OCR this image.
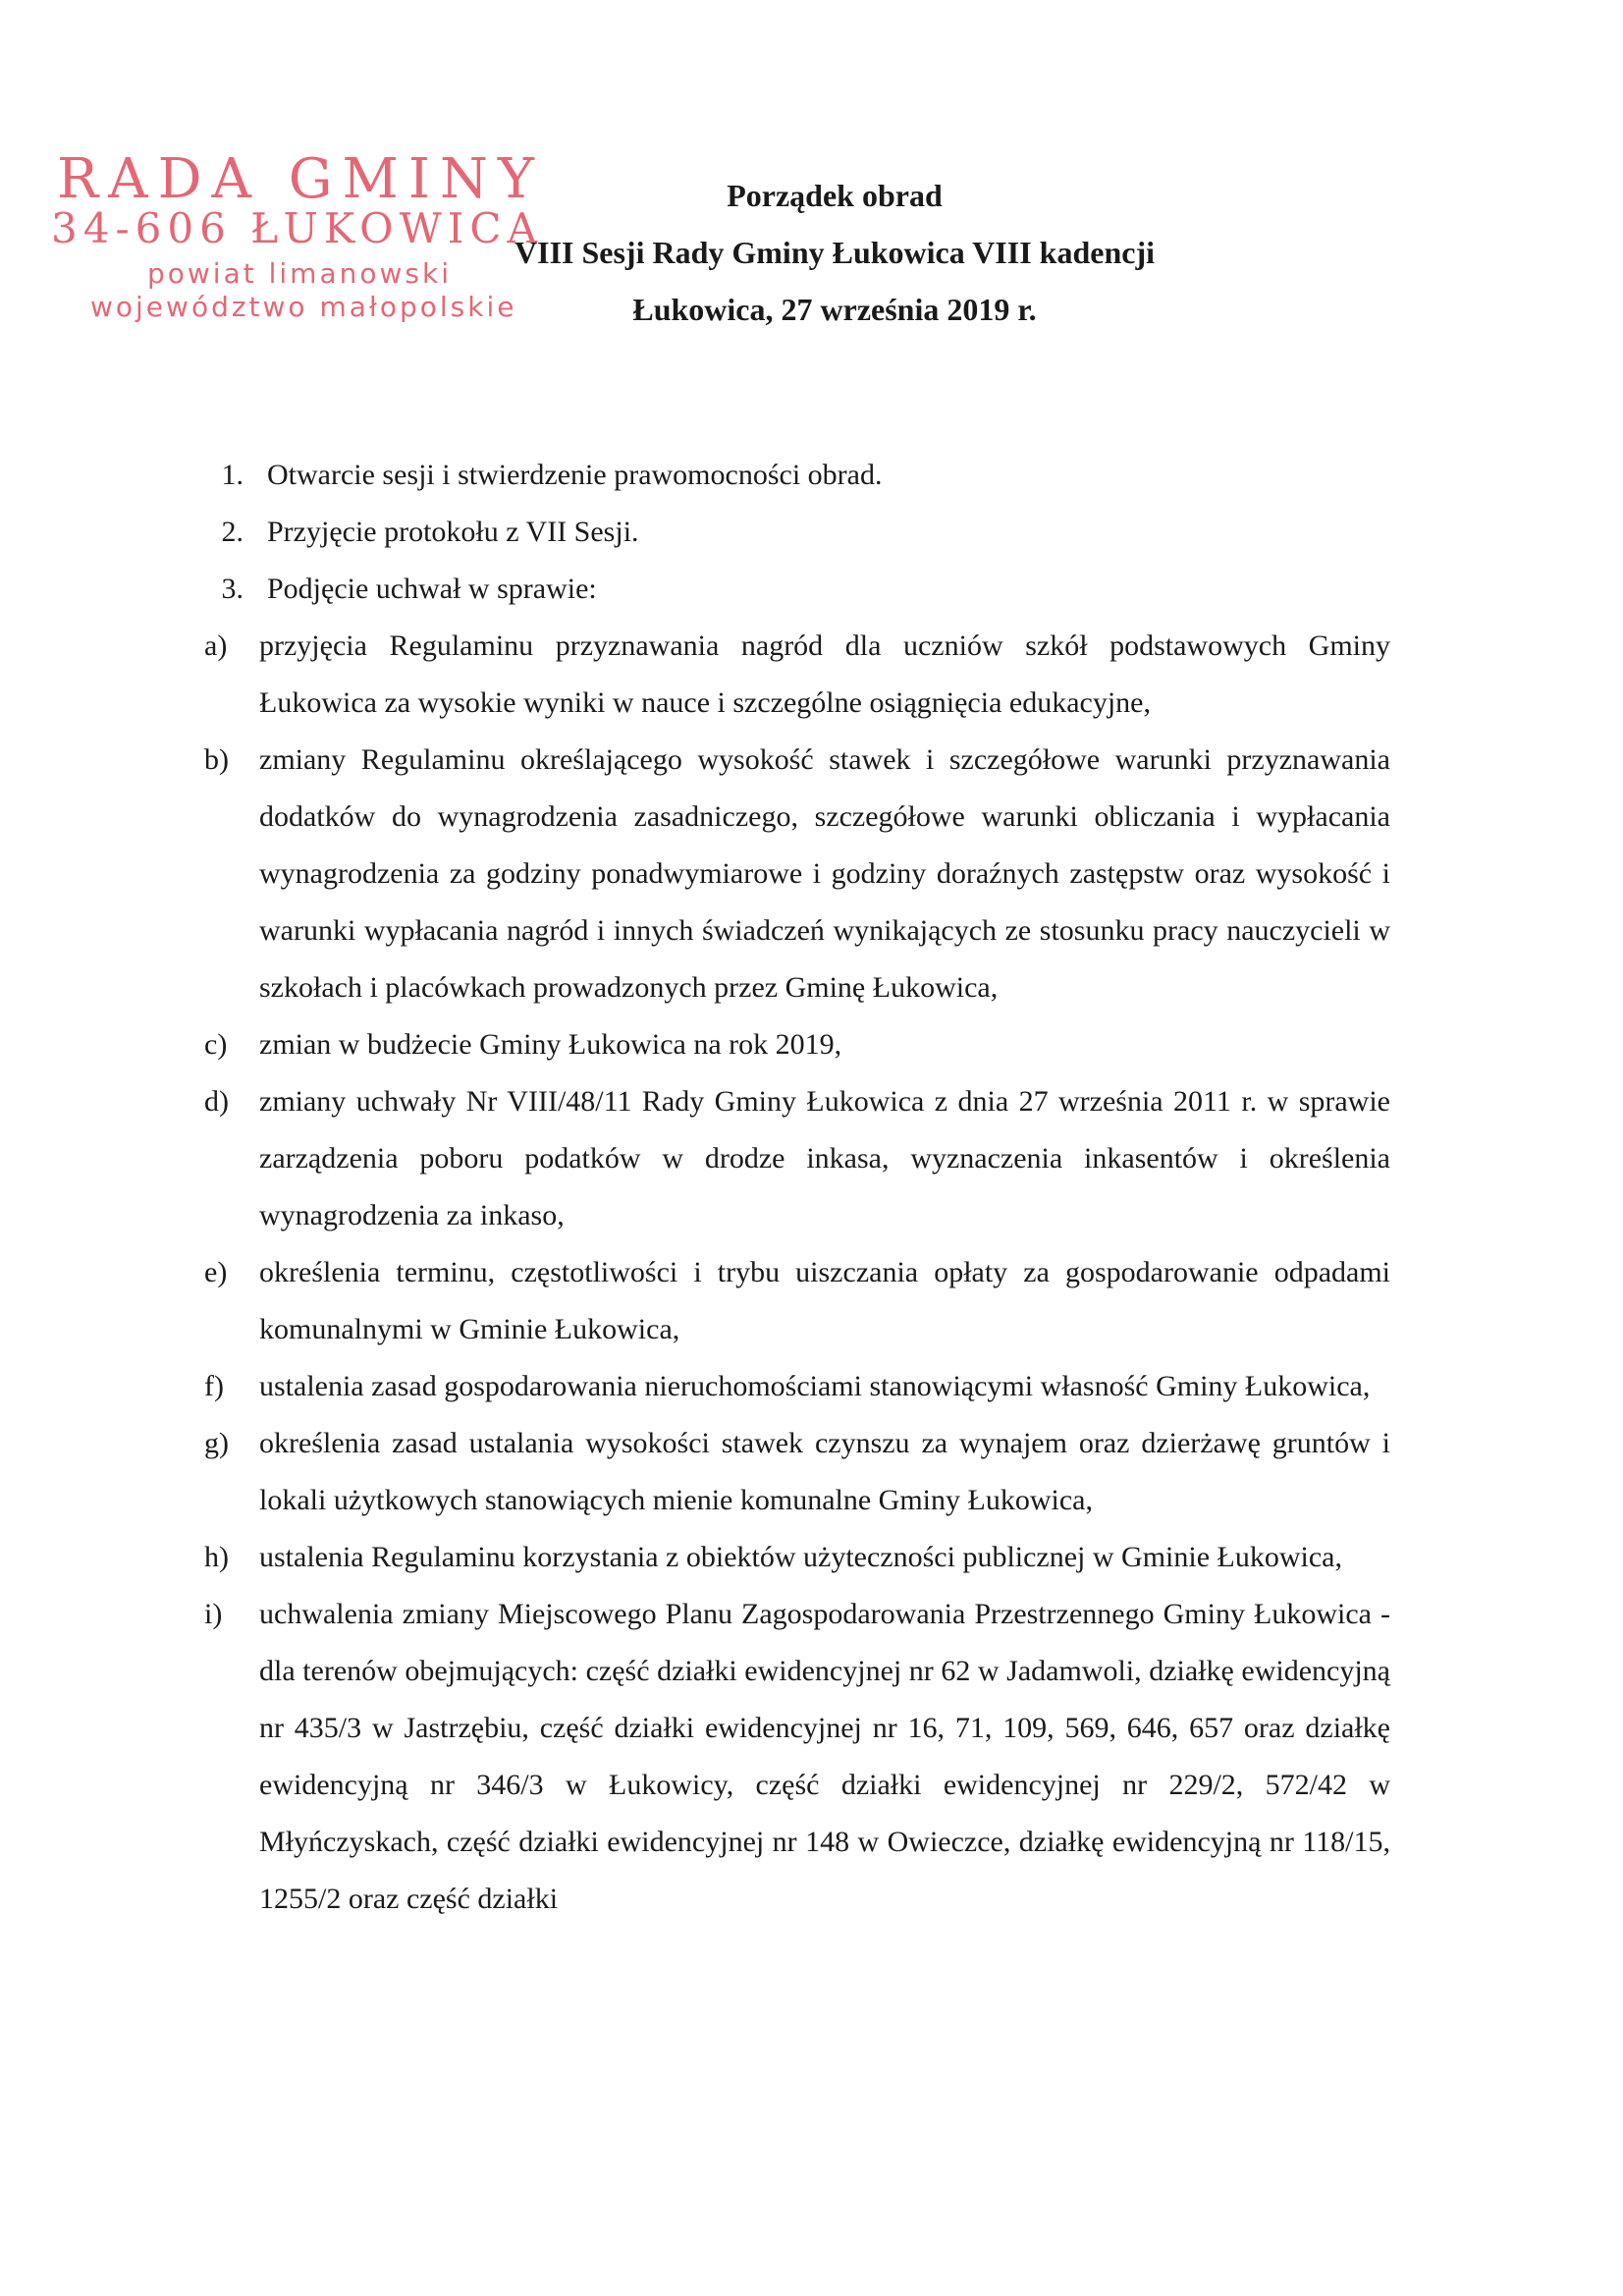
RADA GMINY
34-606 ŁUKOWICA
powiat limanowski
województwo małopolskie
Porządek obrad
VIII Sesji Rady Gminy Łukowica VIII kadencji
Łukowica, 27 września 2019 r.
1. Otwarcie sesji i stwierdzenie prawomocności obrad.
2. Przyjęcie protokołu z VII Sesji.
3. Podjęcie uchwał w sprawie:
a)	przyjęcia Regulaminu przyznawania nagród dla uczniów szkół podstawowych Gminy Łukowica za wysokie wyniki w nauce i szczególne osiągnięcia edukacyjne,
b)	zmiany Regulaminu określającego wysokość stawek i szczegółowe warunki przyznawania dodatków do wynagrodzenia zasadniczego, szczegółowe warunki obliczania i wypłacania wynagrodzenia za godziny ponadwymiarowe i godziny doraźnych zastępstw oraz wysokość i warunki wypłacania nagród i innych świadczeń wynikających ze stosunku pracy nauczycieli w szkołach i placówkach prowadzonych przez Gminę Łukowica,
c)	zmian w budżecie Gminy Łukowica na rok 2019,
d)	zmiany uchwały Nr VIII/48/11 Rady Gminy Łukowica z dnia 27 września 2011 r. w sprawie zarządzenia poboru podatków w drodze inkasa, wyznaczenia inkasentów i określenia wynagrodzenia za inkaso,
e)	określenia terminu, częstotliwości i trybu uiszczania opłaty za gospodarowanie odpadami komunalnymi w Gminie Łukowica,
f)	ustalenia zasad gospodarowania nieruchomościami stanowiącymi własność Gminy Łukowica,
g)	określenia zasad ustalania wysokości stawek czynszu za wynajem oraz dzierżawę gruntów i lokali użytkowych stanowiących mienie komunalne Gminy Łukowica,
h)	ustalenia Regulaminu korzystania z obiektów użyteczności publicznej w Gminie Łukowica,
i)	uchwalenia zmiany Miejscowego Planu Zagospodarowania Przestrzennego Gminy Łukowica - dla terenów obejmujących: część działki ewidencyjnej nr 62 w Jadamwoli, działkę ewidencyjną nr 435/3 w Jastrzębiu, część działki ewidencyjnej nr 16, 71, 109, 569, 646, 657 oraz działkę ewidencyjną nr 346/3 w Łukowicy, część działki ewidencyjnej nr 229/2, 572/42 w Młyńczyskach, część działki ewidencyjnej nr 148 w Owieczce, działkę ewidencyjną nr 118/15, 1255/2 oraz część działki
